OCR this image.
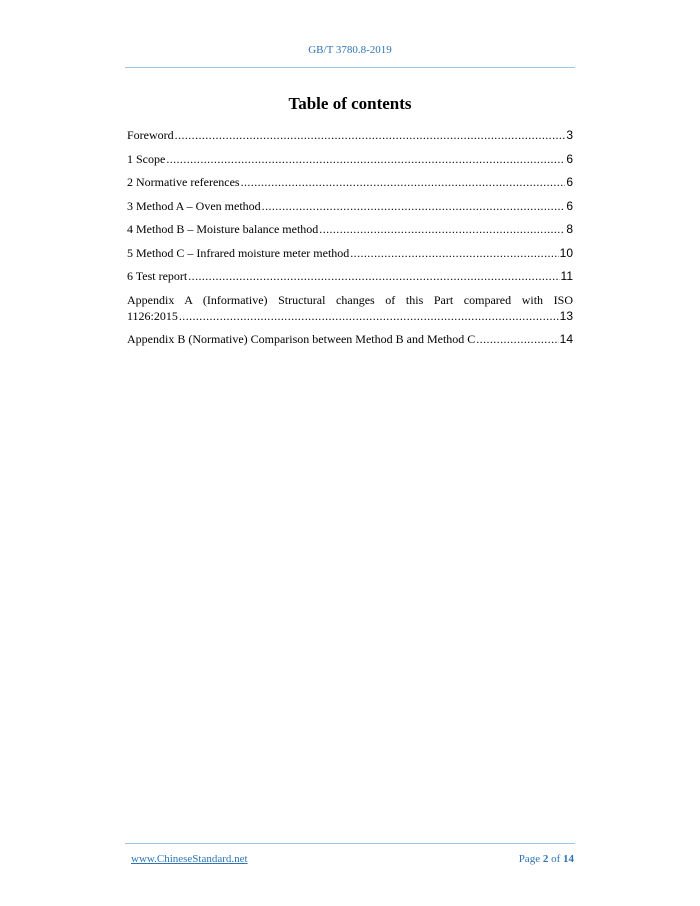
GB/T 3780.8-2019
Table of contents
Foreword .....	3
1 Scope .....	6
2 Normative references .....	6
3 Method A – Oven method .....	6
4 Method B – Moisture balance method .....	8
5 Method C – Infrared moisture meter method .....	10
6 Test report .....	11
Appendix A (Informative) Structural changes of this Part compared with ISO
1126:2015 .....	13
Appendix B (Normative) Comparison between Method B and Method C .....	14
www.ChineseStandard.net	Page 2 of 14
